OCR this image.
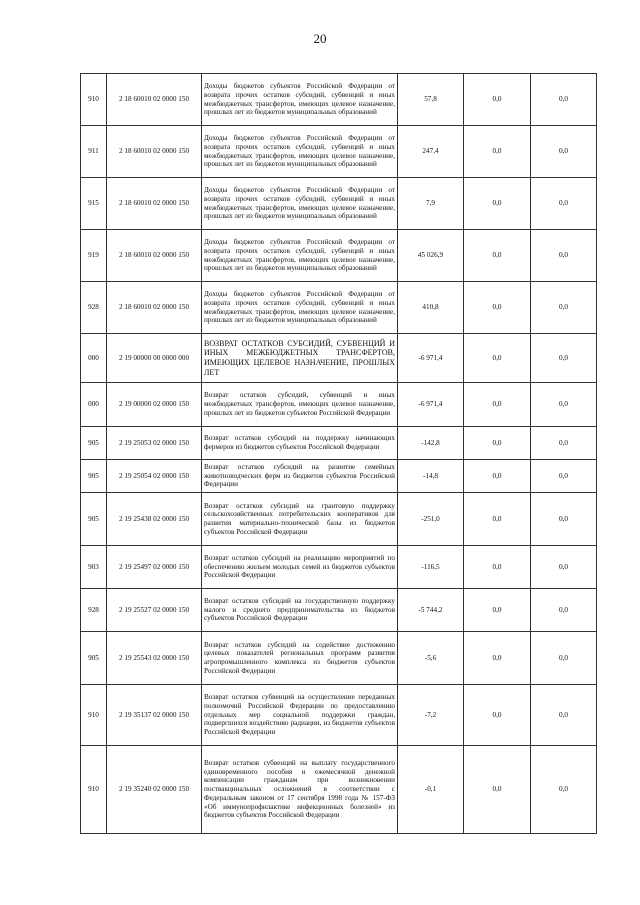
20
910	2 18 60010 02 0000 150	Доходы бюджетов субъектов Российской Федерации от возврата прочих остатков субсидий, субвенций и иных межбюджетных трансфертов, имеющих целевое назначение, прошлых лет из бюджетов муниципальных образований	57,8	0,0	0,0
911	2 18 60010 02 0000 150	Доходы бюджетов субъектов Российской Федерации от возврата прочих остатков субсидий, субвенций и иных межбюджетных трансфертов, имеющих целевое назначение, прошлых лет из бюджетов муниципальных образований	247,4	0,0	0,0
915	2 18 60010 02 0000 150	Доходы бюджетов субъектов Российской Федерации от возврата прочих остатков субсидий, субвенций и иных межбюджетных трансфертов, имеющих целевое назначение, прошлых лет из бюджетов муниципальных образований	7,9	0,0	0,0
919	2 18 60010 02 0000 150	Доходы бюджетов субъектов Российской Федерации от возврата прочих остатков субсидий, субвенций и иных межбюджетных трансфертов, имеющих целевое назначение, прошлых лет из бюджетов муниципальных образований	45 026,9	0,0	0,0
928	2 18 60010 02 0000 150	Доходы бюджетов субъектов Российской Федерации от возврата прочих остатков субсидий, субвенций и иных межбюджетных трансфертов, имеющих целевое назначение, прошлых лет из бюджетов муниципальных образований	410,8	0,0	0,0
000	2 19 00000 00 0000 000	ВОЗВРАТ ОСТАТКОВ СУБСИДИЙ, СУБВЕНЦИЙ И ИНЫХ МЕЖБЮДЖЕТНЫХ ТРАНСФЕРТОВ, ИМЕЮЩИХ ЦЕЛЕВОЕ НАЗНАЧЕНИЕ, ПРОШЛЫХ ЛЕТ	-6 971,4	0,0	0,0
000	2 19 00000 02 0000 150	Возврат остатков субсидий, субвенций и иных межбюджетных трансфертов, имеющих целевое назначение, прошлых лет из бюджетов субъектов Российской Федерации	-6 971,4	0,0	0,0
905	2 19 25053 02 0000 150	Возврат остатков субсидий на поддержку начинающих фермеров из бюджетов субъектов Российской Федерации	-142,8	0,0	0,0
905	2 19 25054 02 0000 150	Возврат остатков субсидий на развитие семейных животноводческих ферм из бюджетов субъектов Российской Федерации	-14,8	0,0	0,0
905	2 19 25438 02 0000 150	Возврат остатков субсидий на грантовую поддержку сельскохозяйственных потребительских кооперативов для развития материально-технической базы из бюджетов субъектов Российской Федерации	-251,0	0,0	0,0
903	2 19 25497 02 0000 150	Возврат остатков субсидий на реализацию мероприятий по обеспечению жильем молодых семей из бюджетов субъектов Российской Федерации	-116,5	0,0	0,0
928	2 19 25527 02 0000 150	Возврат остатков субсидий на государственную поддержку малого и среднего предпринимательства из бюджетов субъектов Российской Федерации	-5 744,2	0,0	0,0
905	2 19 25543 02 0000 150	Возврат остатков субсидий на содействие достижению целевых показателей региональных программ развития агропромышленного комплекса из бюджетов субъектов Российской Федерации	-5,6	0,0	0,0
910	2 19 35137 02 0000 150	Возврат остатков субвенций на осуществление переданных полномочий Российской Федерации по предоставлению отдельных мер социальной поддержки граждан, подвергшихся воздействию радиации, из бюджетов субъектов Российской Федерации	-7,2	0,0	0,0
910	2 19 35240 02 0000 150	Возврат остатков субвенций на выплату государственного единовременного пособия и ежемесячной денежной компенсации гражданам при возникновении поствакцинальных осложнений в соответствии с Федеральным законом от 17 сентября 1998 года № 157-ФЗ «Об иммунопрофилактике инфекционных болезней» из бюджетов субъектов Российской Федерации	-0,1	0,0	0,0
